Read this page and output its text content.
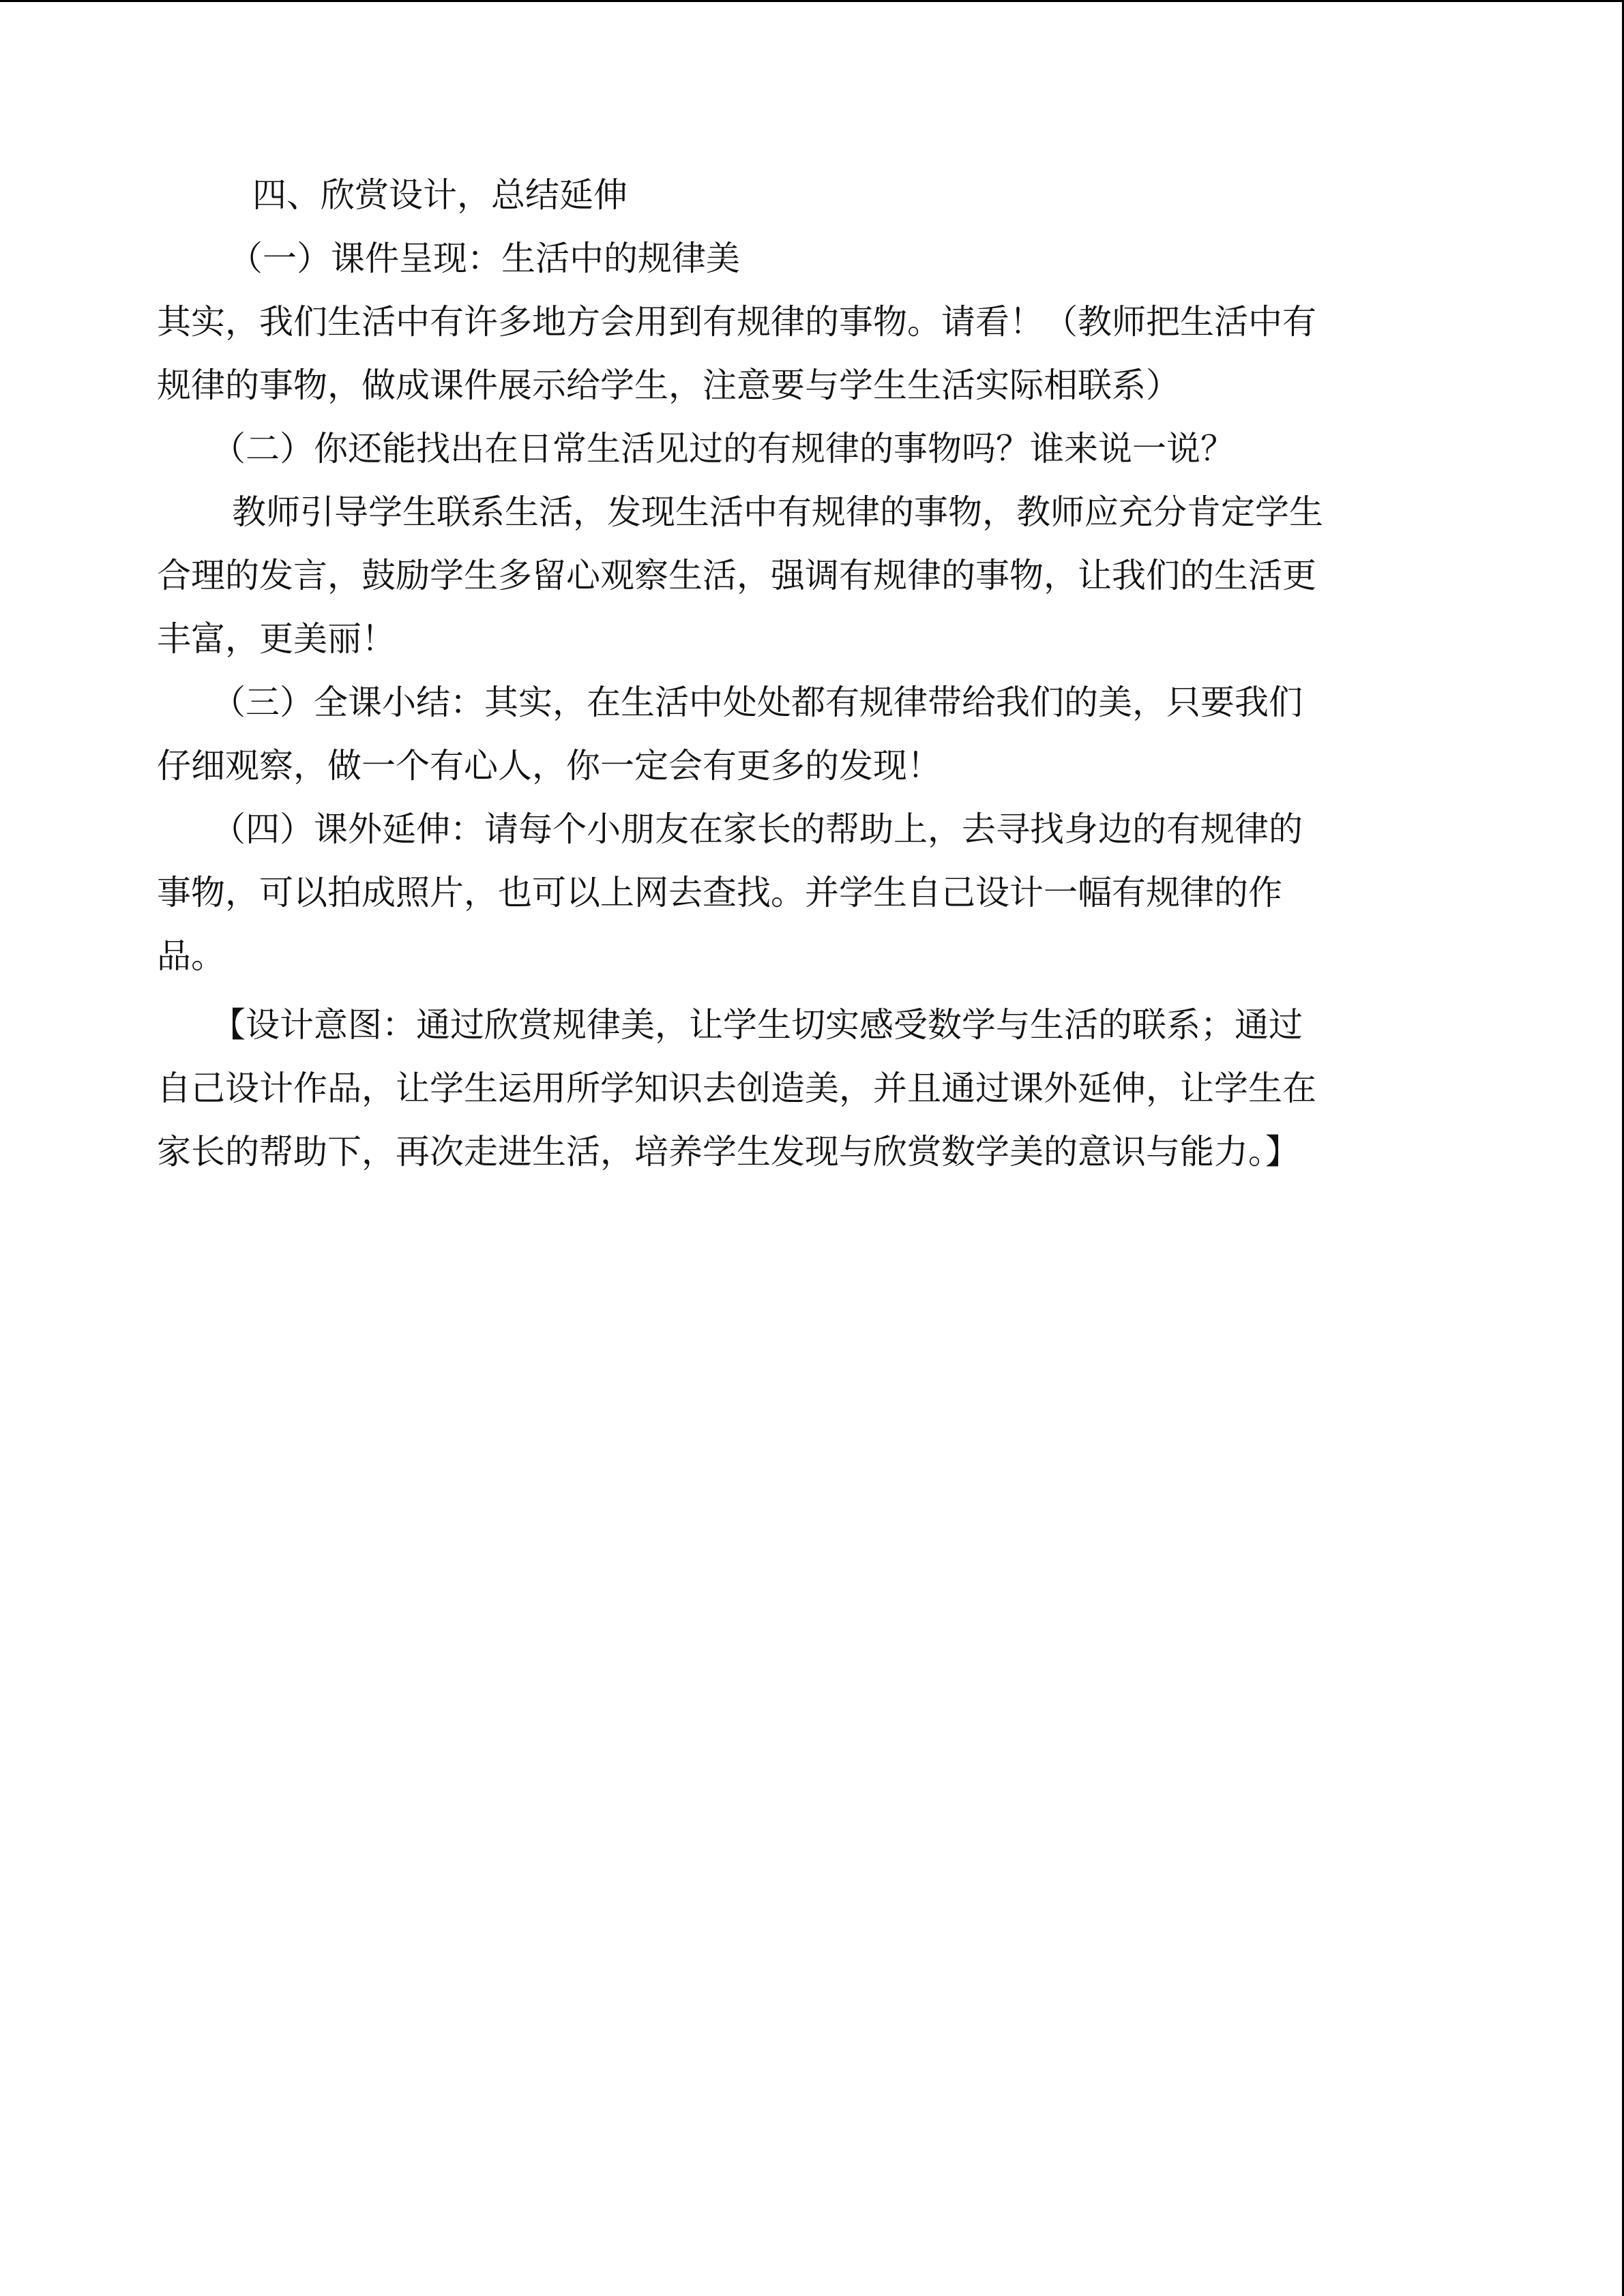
四、欣赏设计，总结延伸
（一）课件呈现：生活中的规律美
其实，我们生活中有许多地方会用到有规律的事物。请看！（教师把生活中有
规律的事物，做成课件展示给学生，注意要与学生生活实际相联系）
（二）你还能找出在日常生活见过的有规律的事物吗？谁来说一说？
教师引导学生联系生活，发现生活中有规律的事物，教师应充分肯定学生
合理的发言，鼓励学生多留心观察生活，强调有规律的事物，让我们的生活更
丰富，更美丽！
（三）全课小结：其实，在生活中处处都有规律带给我们的美，只要我们
仔细观察，做一个有心人，你一定会有更多的发现！
（四）课外延伸：请每个小朋友在家长的帮助上，去寻找身边的有规律的
事物，可以拍成照片，也可以上网去查找。并学生自己设计一幅有规律的作
品。
【设计意图：通过欣赏规律美，让学生切实感受数学与生活的联系；通过
自己设计作品，让学生运用所学知识去创造美，并且通过课外延伸，让学生在
家长的帮助下，再次走进生活，培养学生发现与欣赏数学美的意识与能力。】
